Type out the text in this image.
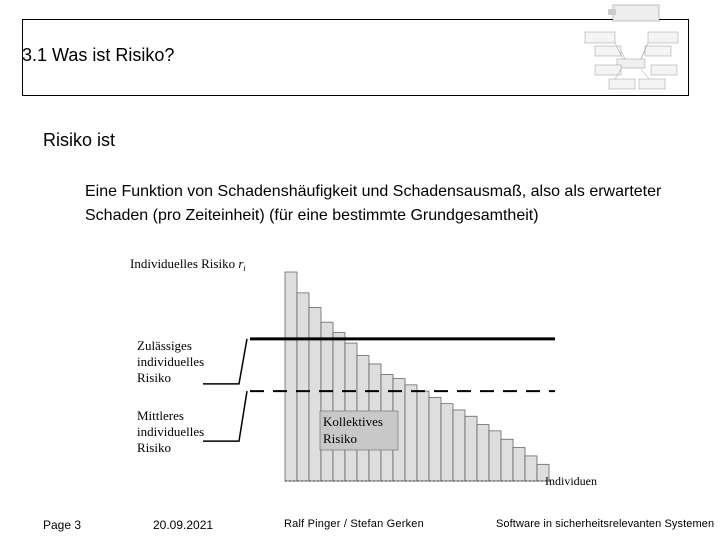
3.1 Was ist Risiko?
Risiko ist
Eine Funktion von Schadenshäufigkeit und Schadensausmaß, also als erwarteter Schaden (pro Zeiteinheit) (für eine bestimmte Grundgesamtheit)
Individuelles Risiko $r_i$
Zulässiges individuelles Risiko
Mittleres individuelles Risiko
Kollektives Risiko
Individuen
Page 3	20.09.2021	Ralf Pinger / Stefan Gerken	Software in sicherheitsrelevanten Systemen
